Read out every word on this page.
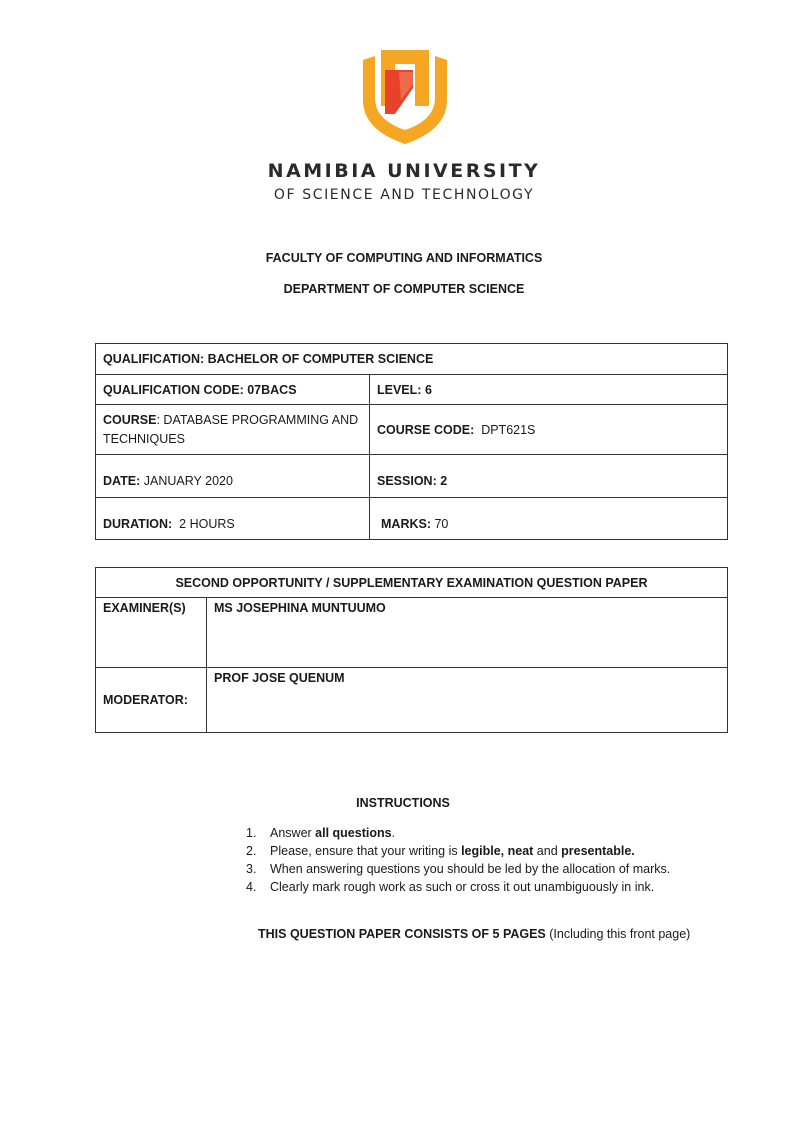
NAMIBIA UNIVERSITY
OF SCIENCE AND TECHNOLOGY
FACULTY OF COMPUTING AND INFORMATICS
DEPARTMENT OF COMPUTER SCIENCE
QUALIFICATION: BACHELOR OF COMPUTER SCIENCE	
QUALIFICATION CODE: 07BACS	LEVEL: 6
COURSE: DATABASE PROGRAMMING AND TECHNIQUES	COURSE CODE: DPT621S
DATE: JANUARY 2020	SESSION: 2
DURATION: 2 HOURS	MARKS: 70
SECOND OPPORTUNITY / SUPPLEMENTARY EXAMINATION QUESTION PAPER	
EXAMINER(S)	MS JOSEPHINA MUNTUUMO
MODERATOR:	PROF JOSE QUENUM
INSTRUCTIONS
1. Answer all questions.
2. Please, ensure that your writing is legible, neat and presentable.
3. When answering questions you should be led by the allocation of marks.
4. Clearly mark rough work as such or cross it out unambiguously in ink.
THIS QUESTION PAPER CONSISTS OF 5 PAGES (Including this front page)
